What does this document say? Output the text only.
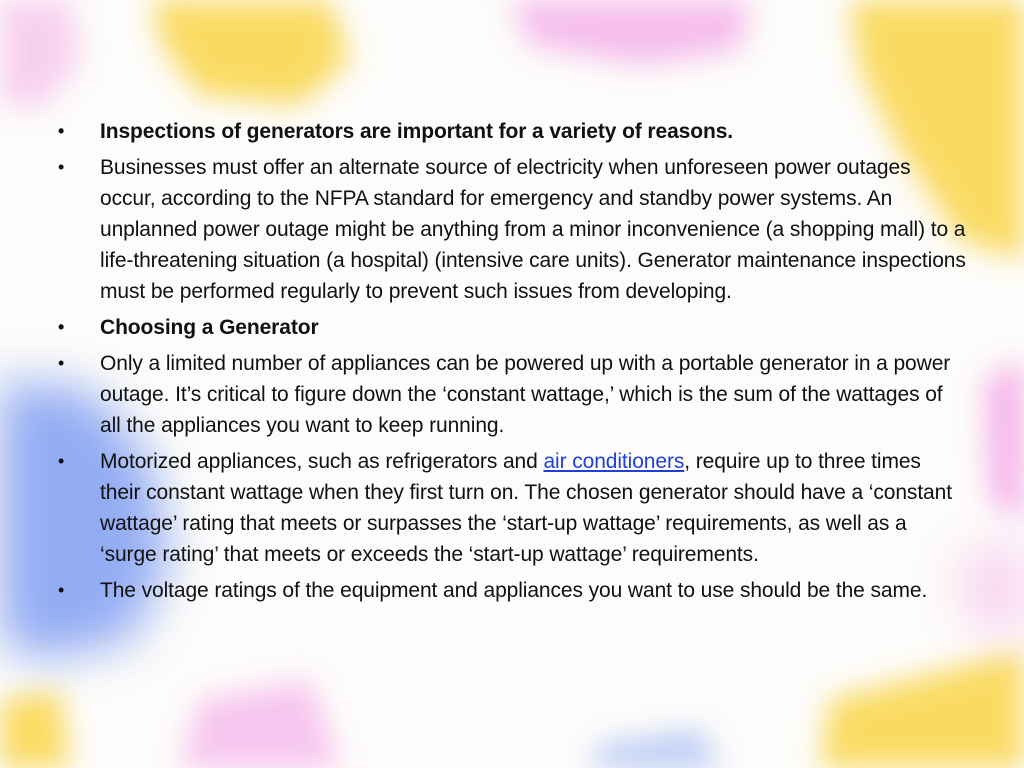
• Inspections of generators are important for a variety of reasons.
• Businesses must offer an alternate source of electricity when unforeseen power outages occur, according to the NFPA standard for emergency and standby power systems. An unplanned power outage might be anything from a minor inconvenience (a shopping mall) to a life-threatening situation (a hospital) (intensive care units). Generator maintenance inspections must be performed regularly to prevent such issues from developing.
• Choosing a Generator
• Only a limited number of appliances can be powered up with a portable generator in a power outage. It’s critical to figure down the ‘constant wattage,’ which is the sum of the wattages of all the appliances you want to keep running.
• Motorized appliances, such as refrigerators and air conditioners, require up to three times their constant wattage when they first turn on. The chosen generator should have a ‘constant wattage’ rating that meets or surpasses the ‘start-up wattage’ requirements, as well as a ‘surge rating’ that meets or exceeds the ‘start-up wattage’ requirements.
• The voltage ratings of the equipment and appliances you want to use should be the same.
